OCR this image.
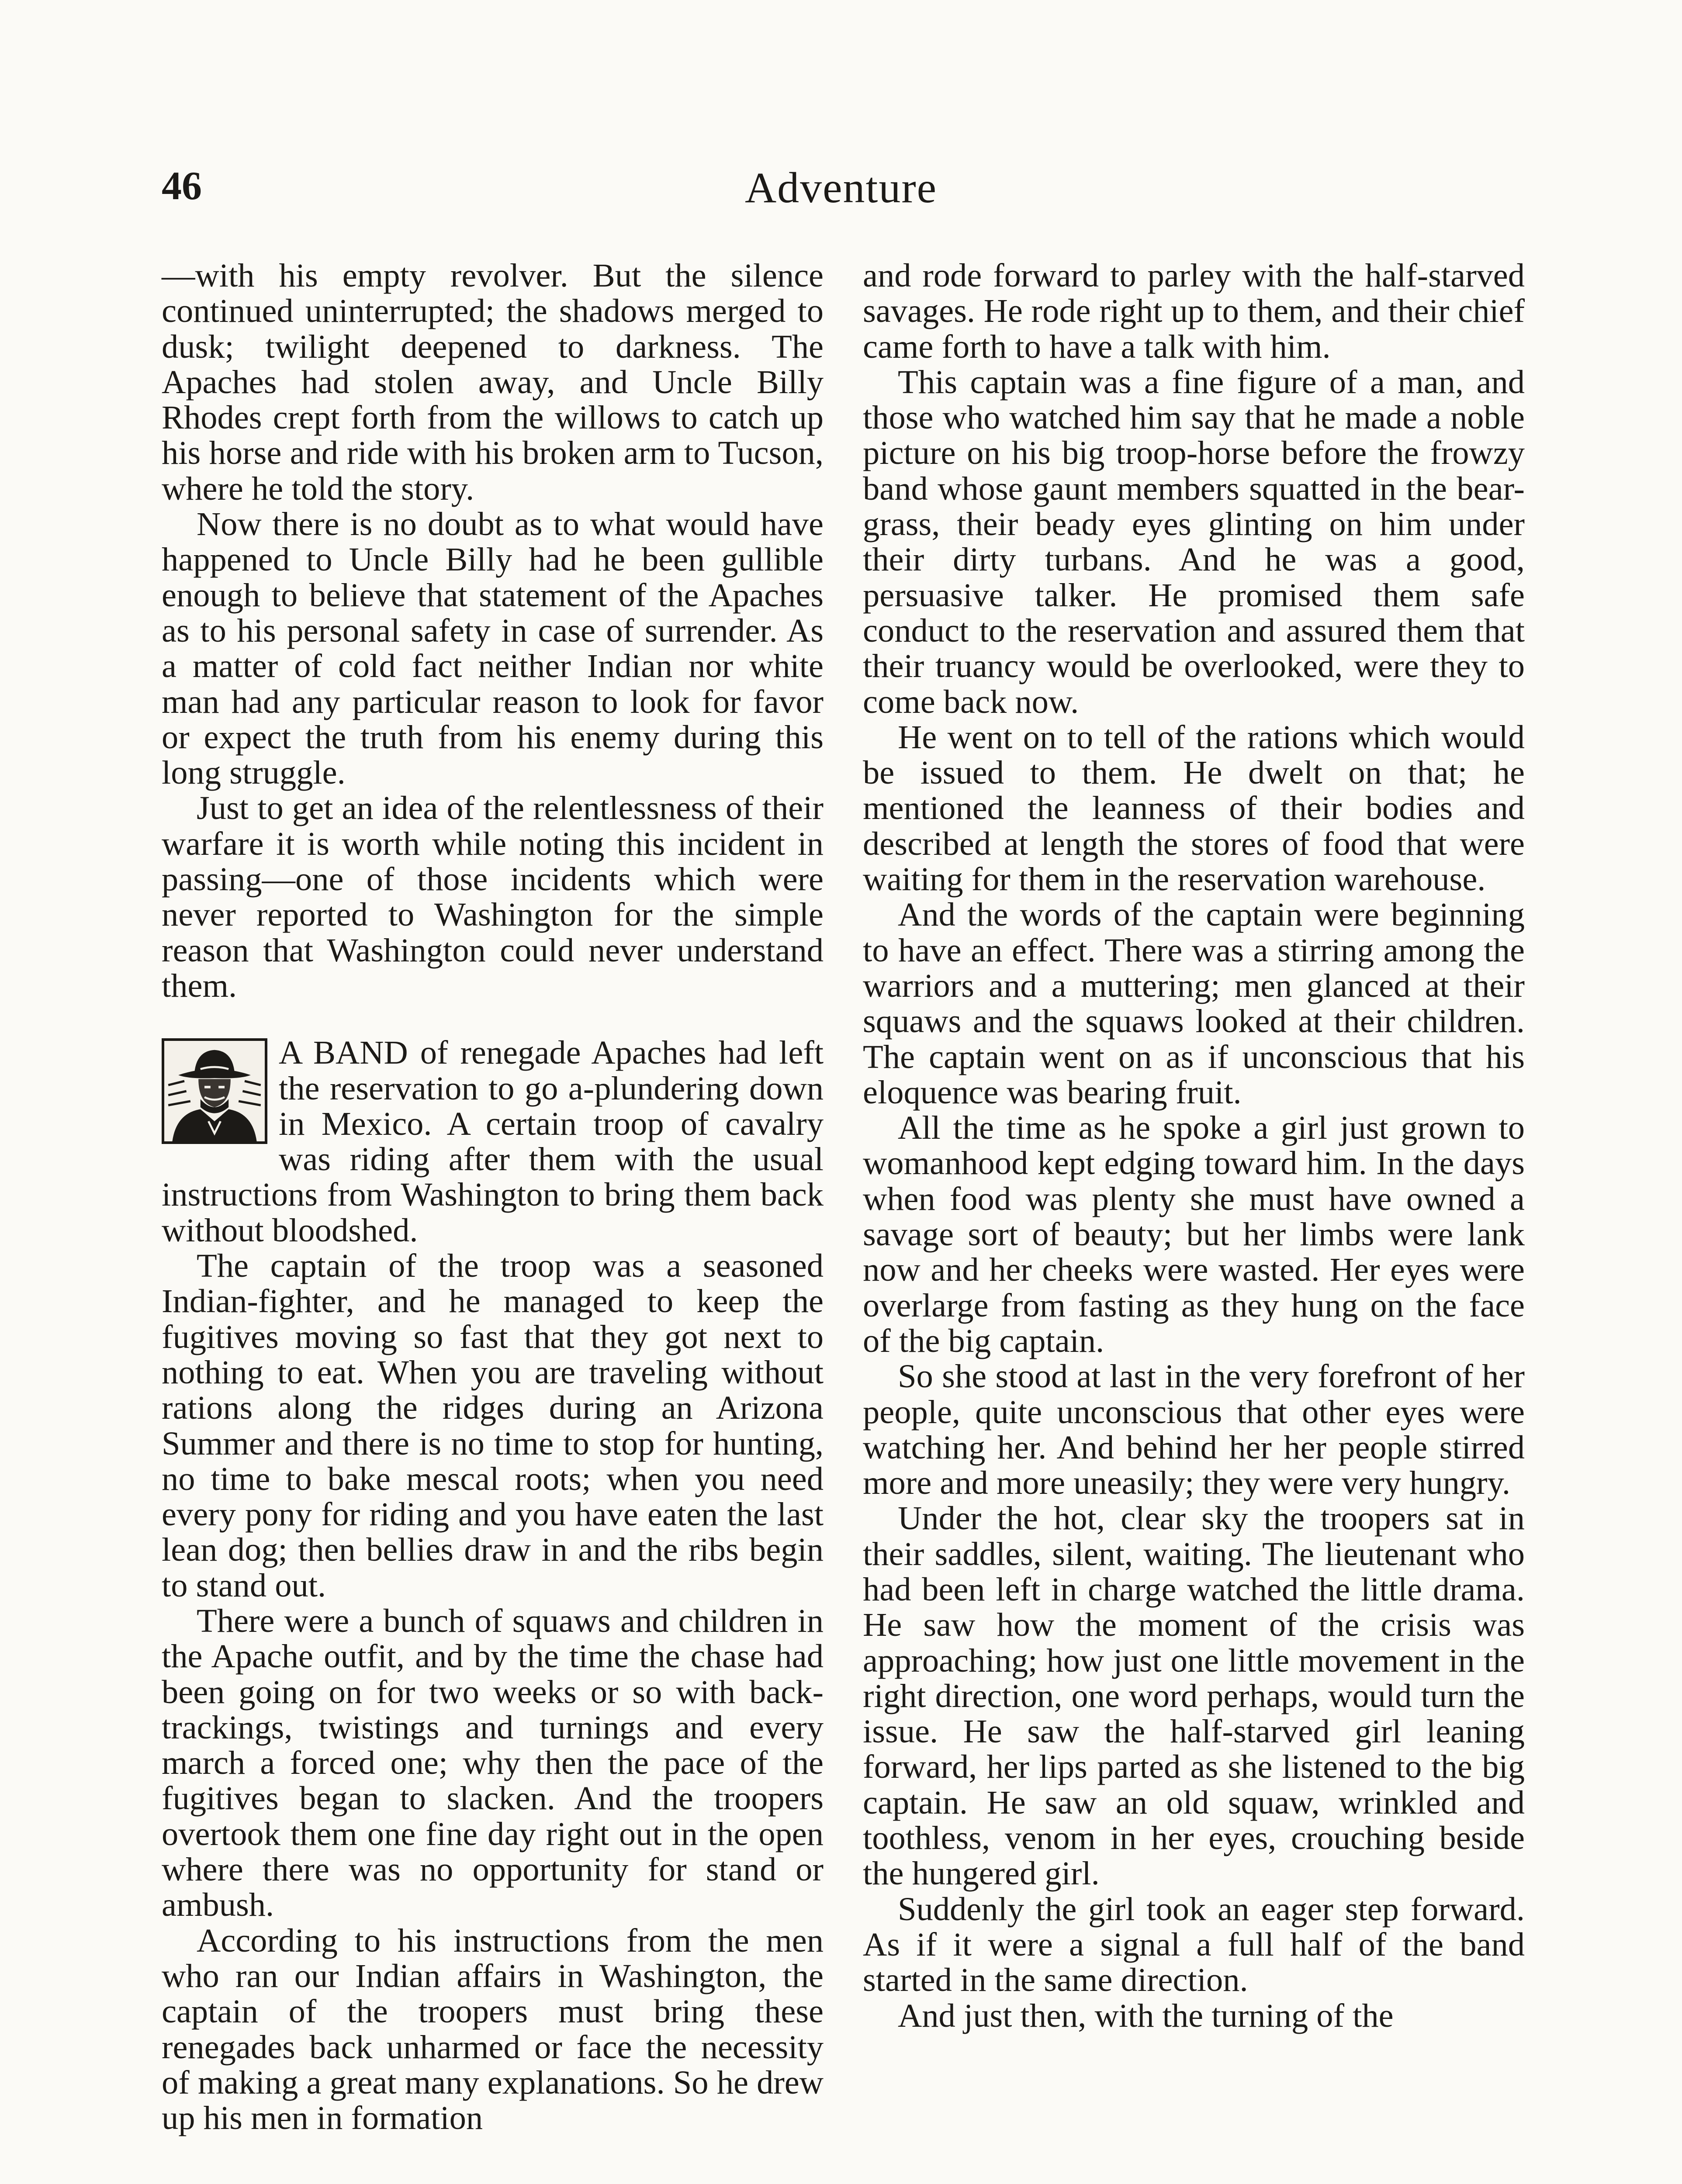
46	Adventure

—with his empty revolver. But the silence continued uninterrupted; the shadows merged to dusk; twilight deepened to darkness. The Apaches had stolen away, and Uncle Billy Rhodes crept forth from the willows to catch up his horse and ride with his broken arm to Tucson, where he told the story.

Now there is no doubt as to what would have happened to Uncle Billy had he been gullible enough to believe that statement of the Apaches as to his personal safety in case of surrender. As a matter of cold fact neither Indian nor white man had any particular reason to look for favor or expect the truth from his enemy during this long struggle.

Just to get an idea of the relentlessness of their warfare it is worth while noting this incident in passing—one of those incidents which were never reported to Washington for the simple reason that Washington could never understand them.

A BAND of renegade Apaches had left the reservation to go a-plundering down in Mexico. A certain troop of cavalry was riding after them with the usual instructions from Washington to bring them back without bloodshed.

The captain of the troop was a seasoned Indian-fighter, and he managed to keep the fugitives moving so fast that they got next to nothing to eat. When you are traveling without rations along the ridges during an Arizona Summer and there is no time to stop for hunting, no time to bake mescal roots; when you need every pony for riding and you have eaten the last lean dog; then bellies draw in and the ribs begin to stand out.

There were a bunch of squaws and children in the Apache outfit, and by the time the chase had been going on for two weeks or so with back-trackings, twistings and turnings and every march a forced one; why then the pace of the fugitives began to slacken. And the troopers overtook them one fine day right out in the open where there was no opportunity for stand or ambush.

According to his instructions from the men who ran our Indian affairs in Washington, the captain of the troopers must bring these renegades back unharmed or face the necessity of making a great many explanations. So he drew up his men in formation

and rode forward to parley with the half-starved savages. He rode right up to them, and their chief came forth to have a talk with him.

This captain was a fine figure of a man, and those who watched him say that he made a noble picture on his big troop-horse before the frowzy band whose gaunt members squatted in the bear-grass, their beady eyes glinting on him under their dirty turbans. And he was a good, persuasive talker. He promised them safe conduct to the reservation and assured them that their truancy would be overlooked, were they to come back now.

He went on to tell of the rations which would be issued to them. He dwelt on that; he mentioned the leanness of their bodies and described at length the stores of food that were waiting for them in the reservation warehouse.

And the words of the captain were beginning to have an effect. There was a stirring among the warriors and a muttering; men glanced at their squaws and the squaws looked at their children. The captain went on as if unconscious that his eloquence was bearing fruit.

All the time as he spoke a girl just grown to womanhood kept edging toward him. In the days when food was plenty she must have owned a savage sort of beauty; but her limbs were lank now and her cheeks were wasted. Her eyes were overlarge from fasting as they hung on the face of the big captain.

So she stood at last in the very forefront of her people, quite unconscious that other eyes were watching her. And behind her her people stirred more and more uneasily; they were very hungry.

Under the hot, clear sky the troopers sat in their saddles, silent, waiting. The lieutenant who had been left in charge watched the little drama. He saw how the moment of the crisis was approaching; how just one little movement in the right direction, one word perhaps, would turn the issue. He saw the half-starved girl leaning forward, her lips parted as she listened to the big captain. He saw an old squaw, wrinkled and toothless, venom in her eyes, crouching beside the hungered girl.

Suddenly the girl took an eager step forward. As if it were a signal a full half of the band started in the same direction.

And just then, with the turning of the
